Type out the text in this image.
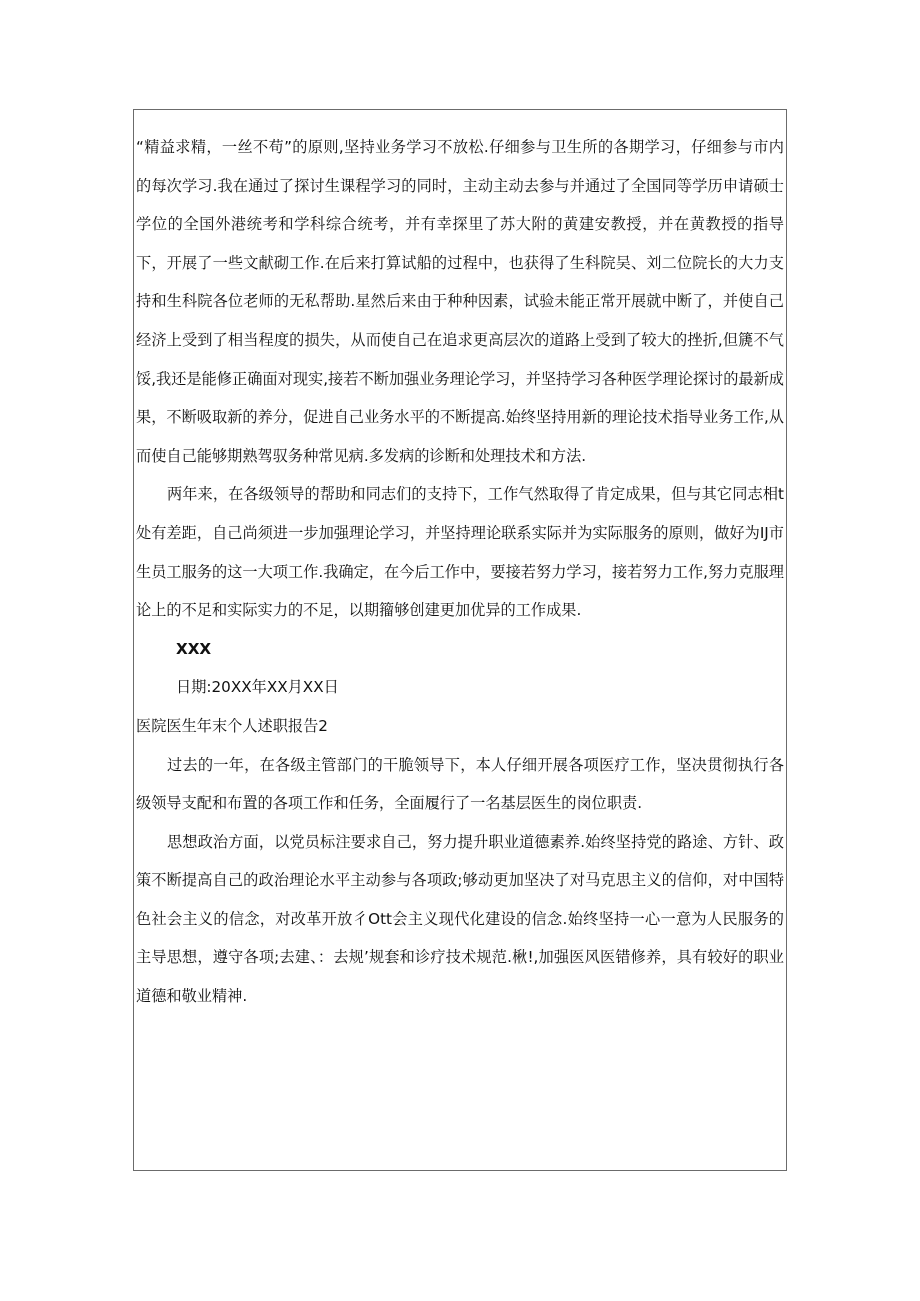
“精益求精，一丝不苟”的原则,坚持业务学习不放松.仔细参与卫生所的各期学习，仔细参与市内的每次学习.我在通过了探讨生课程学习的同时，主动主动去参与并通过了全国同等学历申请硕士学位的全国外港统考和学科综合统考，并有幸探里了苏大附的黄建安教授，并在黄教授的指导下，开展了一些文献砌工作.在后来打算试船的过程中，也获得了生科院吴、刘二位院长的大力支持和生科院各位老师的无私帮助.星然后来由于种种因素，试验未能正常开展就中断了，并使自己经济上受到了相当程度的损失，从而使自己在追求更高层次的道路上受到了较大的挫折,但篪不气馁,我还是能修正确面对现实,接若不断加强业务理论学习，并坚持学习各种医学理论探讨的最新成果，不断吸取新的养分，促进自己业务水平的不断提高.始终坚持用新的理论技术指导业务工作,从而使自己能够期熟驾驭务种常见病.多发病的诊断和处理技术和方法.

两年来，在各级领导的帮助和同志们的支持下，工作气然取得了肯定成果，但与其它同志相t处有差距，自己尚须进一步加强理论学习，并坚持理论联系实际并为实际服务的原则，做好为IJ市生员工服务的这一大项工作.我确定，在今后工作中，要接若努力学习，接若努力工作,努力克服理论上的不足和实际实力的不足，以期籀够创建更加优异的工作成果.

XXX

日期:20XX年XX月XX日

医院医生年末个人述职报告2

过去的一年，在各级主管部门的干脆领导下，本人仔细开展各项医疗工作，坚决贯彻执行各级领导支配和布置的各项工作和任务，全面履行了一名基层医生的岗位职责.

思想政治方面，以党员标注要求自己，努力提升职业道德素养.始终坚持党的路途、方针、政策不断提高自己的政治理论水平主动参与各项政;够动更加坚决了对马克思主义的信仰，对中国特色社会主义的信念，对改革开放彳Ott会主义现代化建设的信念.始终坚持一心一意为人民服务的主导思想，遵守各项;去建、：去规’规套和诊疗技术规范.楸!,加强医风医错修养，具有较好的职业道德和敬业精神.
